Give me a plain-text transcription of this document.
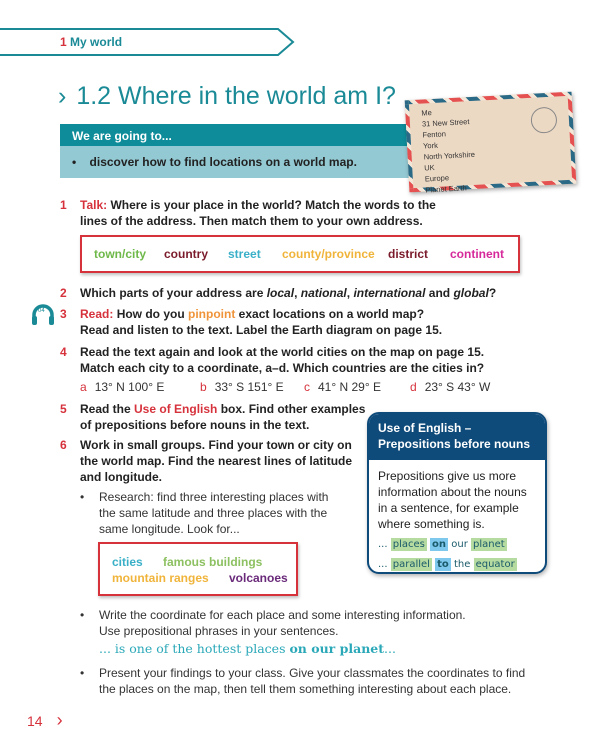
1 My world
› 1.2 Where in the world am I?
We are going to...
•    discover how to find locations on a world map.
Me
31 New Street
Fenton
York
North Yorkshire
UK
Europe
Planet Earth
1 Talk: Where is your place in the world? Match the words to the
lines of the address. Then match them to your own address.
town/city country street county/province district continent
2 Which parts of your address are local, national, international and global?
04 3 Read: How do you pinpoint exact locations on a world map?
Read and listen to the text. Label the Earth diagram on page 15.
4 Read the text again and look at the world cities on the map on page 15.
Match each city to a coordinate, a–d. Which countries are the cities in?
a 13° N 100° E	b 33° S 151° E c 41° N 29° E d 23° S 43° W
5 Read the Use of English box. Find other examples
of prepositions before nouns in the text.
6 Work in small groups. Find your town or city on
the world map. Find the nearest lines of latitude
and longitude.
• Research: find three interesting places with
the same latitude and three places with the
same longitude. Look for...
cities famous buildings
mountain ranges volcanoes
Use of English –
Prepositions before nouns
Prepositions give us more information about the nouns in a sentence, for example where something is.
... places on our planet
... parallel to the equator
• Write the coordinate for each place and some interesting information.
Use prepositional phrases in your sentences.
... is one of the hottest places on our planet...
• Present your findings to your class. Give your classmates the coordinates to find
the places on the map, then tell them something interesting about each place.
14 ›
